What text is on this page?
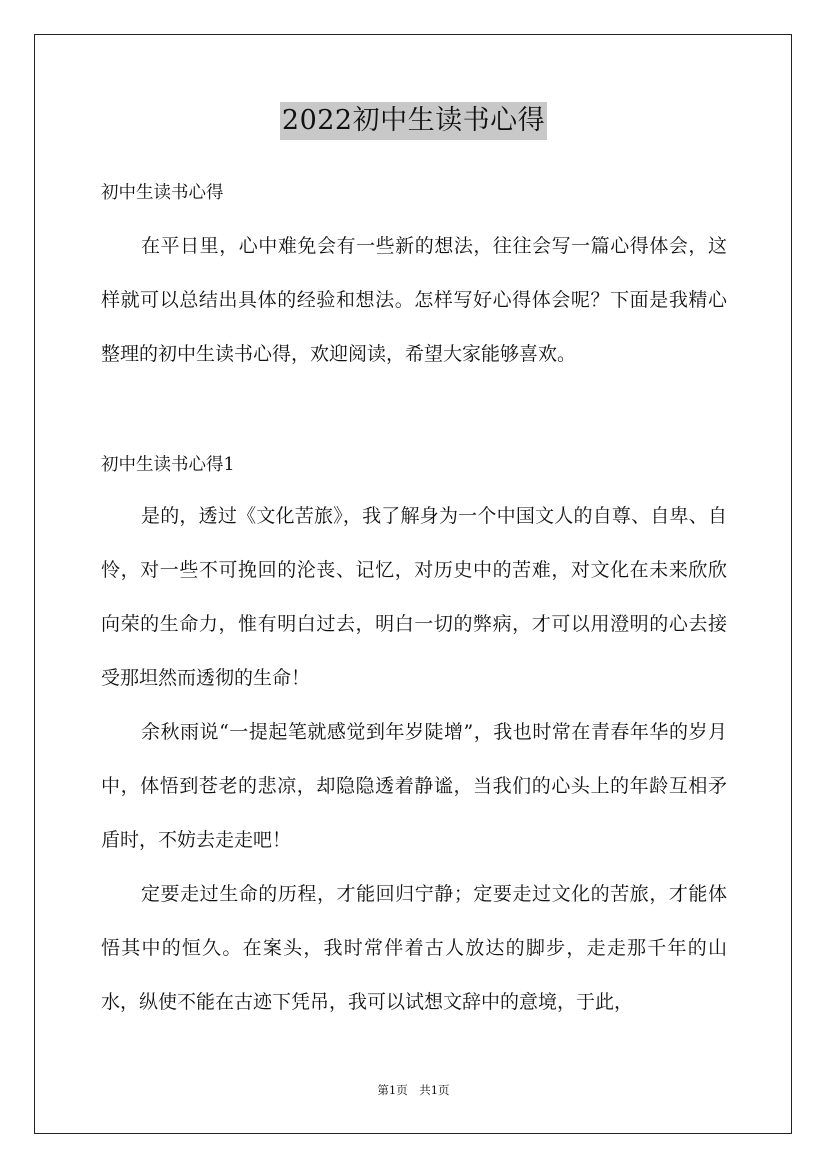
2022初中生读书心得
初中生读书心得

在平日里，心中难免会有一些新的想法，往往会写一篇心得体会，这样就可以总结出具体的经验和想法。怎样写好心得体会呢？下面是我精心整理的初中生读书心得，欢迎阅读，希望大家能够喜欢。

初中生读书心得1

是的，透过《文化苦旅》，我了解身为一个中国文人的自尊、自卑、自怜，对一些不可挽回的沦丧、记忆，对历史中的苦难，对文化在未来欣欣向荣的生命力，惟有明白过去，明白一切的弊病，才可以用澄明的心去接受那坦然而透彻的生命！

余秋雨说“一提起笔就感觉到年岁陡增”，我也时常在青春年华的岁月中，体悟到苍老的悲凉，却隐隐透着静谧，当我们的心头上的年龄互相矛盾时，不妨去走走吧！

定要走过生命的历程，才能回归宁静；定要走过文化的苦旅，才能体悟其中的恒久。在案头，我时常伴着古人放达的脚步，走走那千年的山水，纵使不能在古迹下凭吊，我可以试想文辞中的意境，于此，

第1页　共1页
